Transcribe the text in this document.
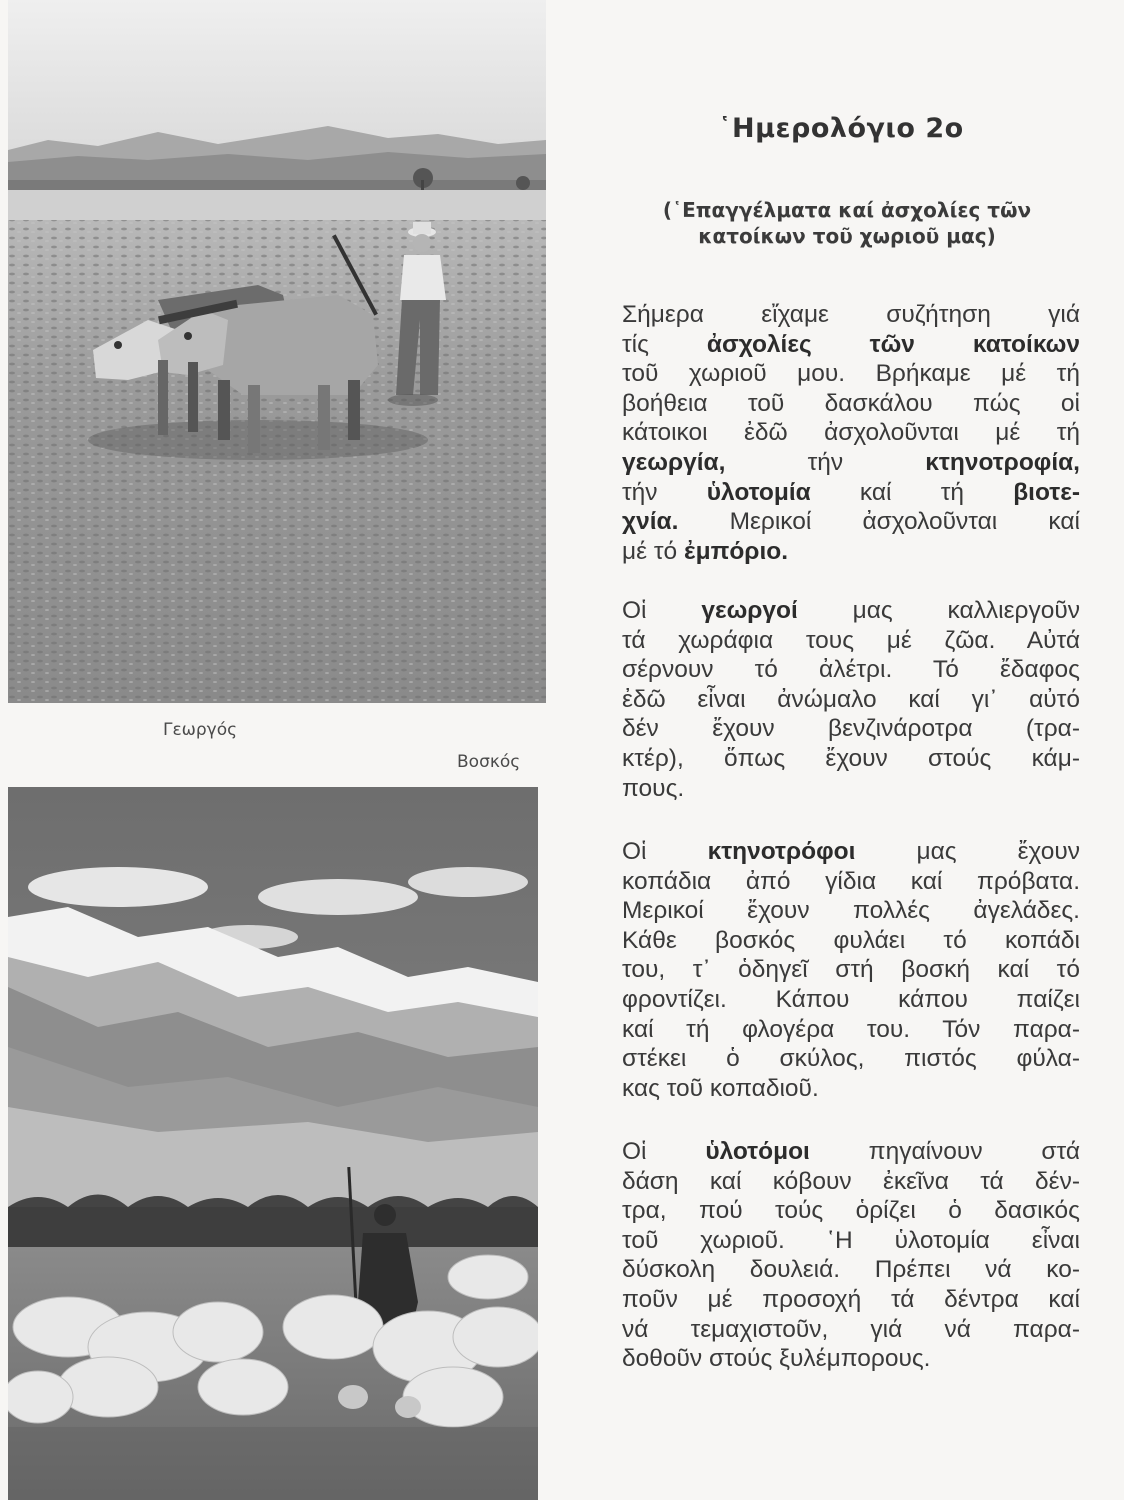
Γεωργός
Βοσκός
῾Ημερολόγιο 2ο
(῾Επαγγέλματα καί ἀσχολίες τῶν
κατοίκων τοῦ χωριοῦ μας)

Σήμερα εἴχαμε συζήτηση γιά
τίς ἀσχολίες τῶν κατοίκων
τοῦ χωριοῦ μου. Βρήκαμε μέ τή
βοήθεια τοῦ δασκάλου πώς οἱ
κάτοικοι ἐδῶ ἀσχολοῦνται μέ τή
γεωργία, τήν κτηνοτροφία,
τήν ὑλοτομία καί τή βιοτε-
χνία. Μερικοί ἀσχολοῦνται καί
μέ τό ἐμπόριο.

Οἱ γεωργοί μας καλλιεργοῦν
τά χωράφια τους μέ ζῶα. Αὐτά
σέρνουν τό ἀλέτρι. Τό ἔδαφος
ἐδῶ εἶναι ἀνώμαλο καί γι᾿ αὐτό
δέν ἔχουν βενζινάροτρα (τρα-
κτέρ), ὅπως ἔχουν στούς κάμ-
πους.

Οἱ κτηνοτρόφοι μας ἔχουν
κοπάδια ἀπό γίδια καί πρόβατα.
Μερικοί ἔχουν πολλές ἀγελάδες.
Κάθε βοσκός φυλάει τό κοπάδι
του, τ᾿ ὁδηγεῖ στή βοσκή καί τό
φροντίζει. Κάπου κάπου παίζει
καί τή φλογέρα του. Τόν παρα-
στέκει ὁ σκύλος, πιστός φύλα-
κας τοῦ κοπαδιοῦ.

Οἱ ὑλοτόμοι πηγαίνουν στά
δάση καί κόβουν ἐκεῖνα τά δέν-
τρα, πού τούς ὁρίζει ὁ δασικός
τοῦ χωριοῦ. ῾Η ὑλοτομία εἶναι
δύσκολη δουλειά. Πρέπει νά κο-
ποῦν μέ προσοχή τά δέντρα καί
νά τεμαχιστοῦν, γιά νά παρα-
δοθοῦν στούς ξυλέμπορους.
